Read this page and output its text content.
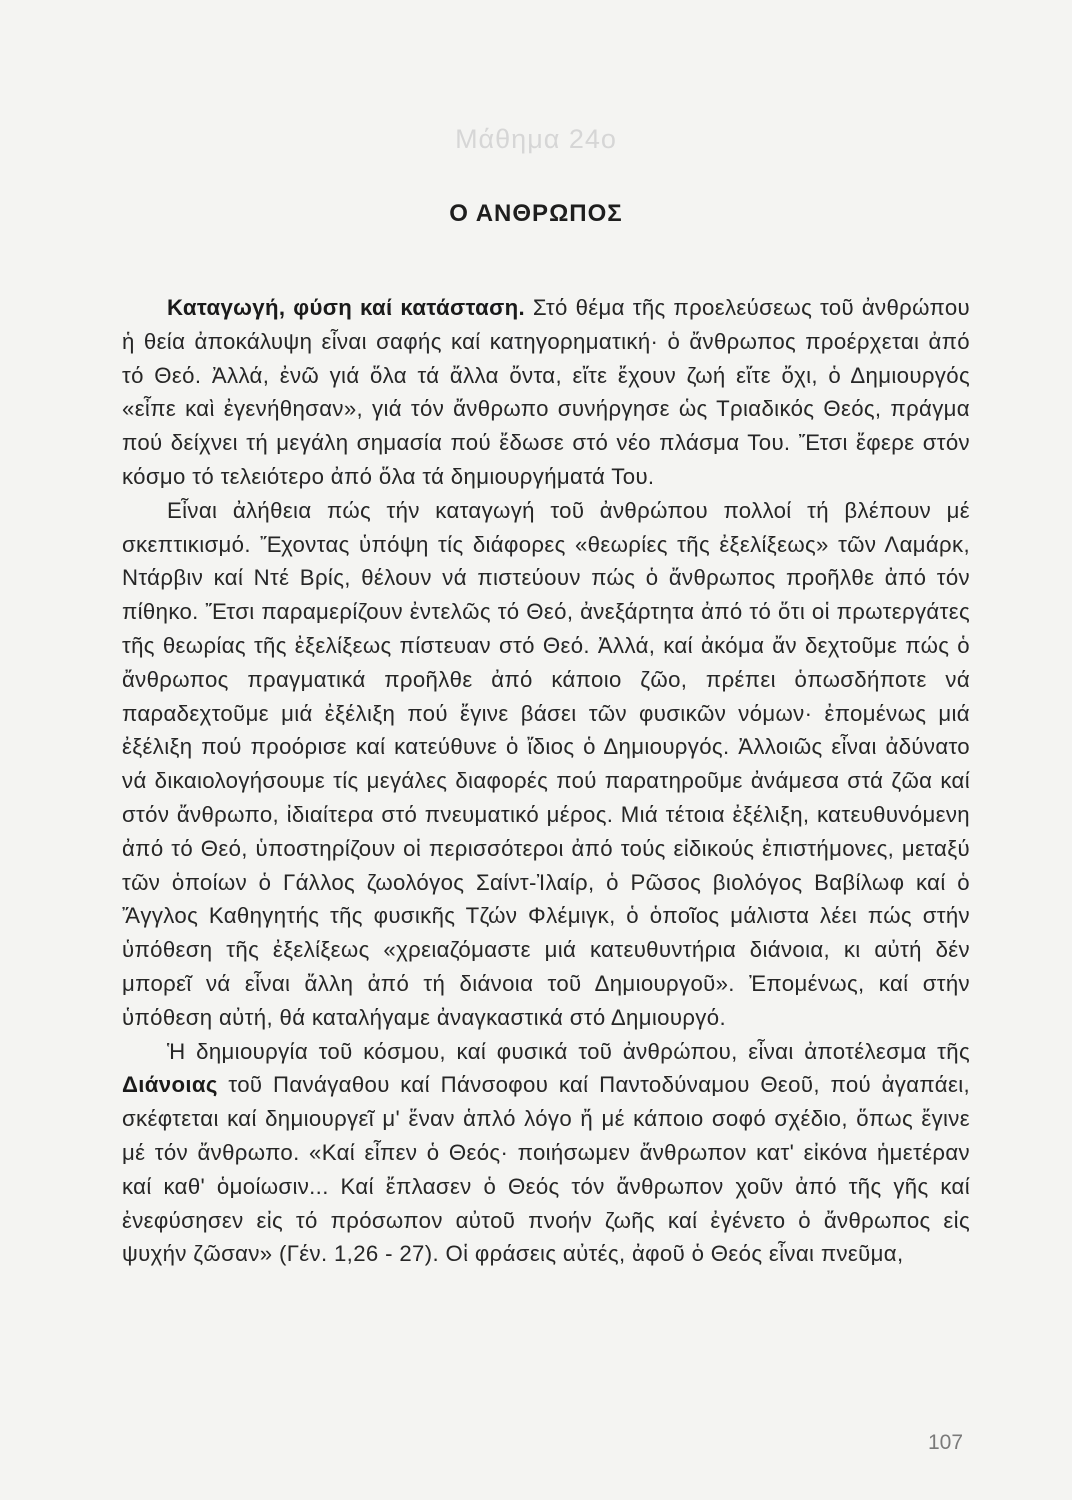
Μάθημα 24ο
Ο ΑΝΘΡΩΠΟΣ

Καταγωγή, φύση καί κατάσταση. Στό θέμα τῆς προελεύσεως τοῦ ἀνθρώπου ἡ θεία ἀποκάλυψη εἶναι σαφής καί κατηγορηματική· ὁ ἄνθρωπος προέρχεται ἀπό τό Θεό. Ἀλλά, ἐνῶ γιά ὅλα τά ἄλλα ὄντα, εἴτε ἔχουν ζωή εἴτε ὄχι, ὁ Δημιουργός «εἶπε καὶ ἐγενήθησαν», γιά τόν ἄνθρωπο συνήργησε ὡς Τριαδικός Θεός, πράγμα πού δείχνει τή μεγάλη σημασία πού ἔδωσε στό νέο πλάσμα Του. Ἔτσι ἔφερε στόν κόσμο τό τελειότερο ἀπό ὅλα τά δημιουργήματά Του.

Εἶναι ἀλήθεια πώς τήν καταγωγή τοῦ ἀνθρώπου πολλοί τή βλέπουν μέ σκεπτικισμό. Ἔχοντας ὑπόψη τίς διάφορες «θεωρίες τῆς ἐξελίξεως» τῶν Λαμάρκ, Ντάρβιν καί Ντέ Βρίς, θέλουν νά πιστεύουν πώς ὁ ἄνθρωπος προῆλθε ἀπό τόν πίθηκο. Ἔτσι παραμερίζουν ἐντελῶς τό Θεό, ἀνεξάρτητα ἀπό τό ὅτι οἱ πρωτεργάτες τῆς θεωρίας τῆς ἐξελίξεως πίστευαν στό Θεό. Ἀλλά, καί ἀκόμα ἄν δεχτοῦμε πώς ὁ ἄνθρωπος πραγματικά προῆλθε ἀπό κάποιο ζῶο, πρέπει ὁπωσδήποτε νά παραδεχτοῦμε μιά ἐξέλιξη πού ἔγινε βάσει τῶν φυσικῶν νόμων· ἐπομένως μιά ἐξέλιξη πού προόρισε καί κατεύθυνε ὁ ἴδιος ὁ Δημιουργός. Ἀλλοιῶς εἶναι ἀδύνατο νά δικαιολογήσουμε τίς μεγάλες διαφορές πού παρατηροῦμε ἀνάμεσα στά ζῶα καί στόν ἄνθρωπο, ἰδιαίτερα στό πνευματικό μέρος. Μιά τέτοια ἐξέλιξη, κατευθυνόμενη ἀπό τό Θεό, ὑποστηρίζουν οἱ περισσότεροι ἀπό τούς εἰδικούς ἐπιστήμονες, μεταξύ τῶν ὁποίων ὁ Γάλλος ζωολόγος Σαίντ-Ἰλαίρ, ὁ Ρῶσος βιολόγος Βαβίλωφ καί ὁ Ἄγγλος Καθηγητής τῆς φυσικῆς Τζών Φλέμιγκ, ὁ ὁποῖος μάλιστα λέει πώς στήν ὑπόθεση τῆς ἐξελίξεως «χρειαζόμαστε μιά κατευθυντήρια διάνοια, κι αὐτή δέν μπορεῖ νά εἶναι ἄλλη ἀπό τή διάνοια τοῦ Δημιουργοῦ». Ἐπομένως, καί στήν ὑπόθεση αὐτή, θά καταλήγαμε ἀναγκαστικά στό Δημιουργό.

Ἡ δημιουργία τοῦ κόσμου, καί φυσικά τοῦ ἀνθρώπου, εἶναι ἀποτέλεσμα τῆς Διάνοιας τοῦ Πανάγαθου καί Πάνσοφου καί Παντοδύναμου Θεοῦ, πού ἀγαπάει, σκέφτεται καί δημιουργεῖ μ' ἕναν ἁπλό λόγο ἤ μέ κάποιο σοφό σχέδιο, ὅπως ἔγινε μέ τόν ἄνθρωπο. «Καί εἶπεν ὁ Θεός· ποιήσωμεν ἄνθρωπον κατ' εἰκόνα ἡμετέραν καί καθ' ὁμοίωσιν... Καί ἔπλασεν ὁ Θεός τόν ἄνθρωπον χοῦν ἀπό τῆς γῆς καί ἐνεφύσησεν εἰς τό πρόσωπον αὐτοῦ πνοήν ζωῆς καί ἐγένετο ὁ ἄνθρωπος εἰς ψυχήν ζῶσαν» (Γέν. 1,26 - 27). Οἱ φράσεις αὐτές, ἀφοῦ ὁ Θεός εἶναι πνεῦμα,

107
